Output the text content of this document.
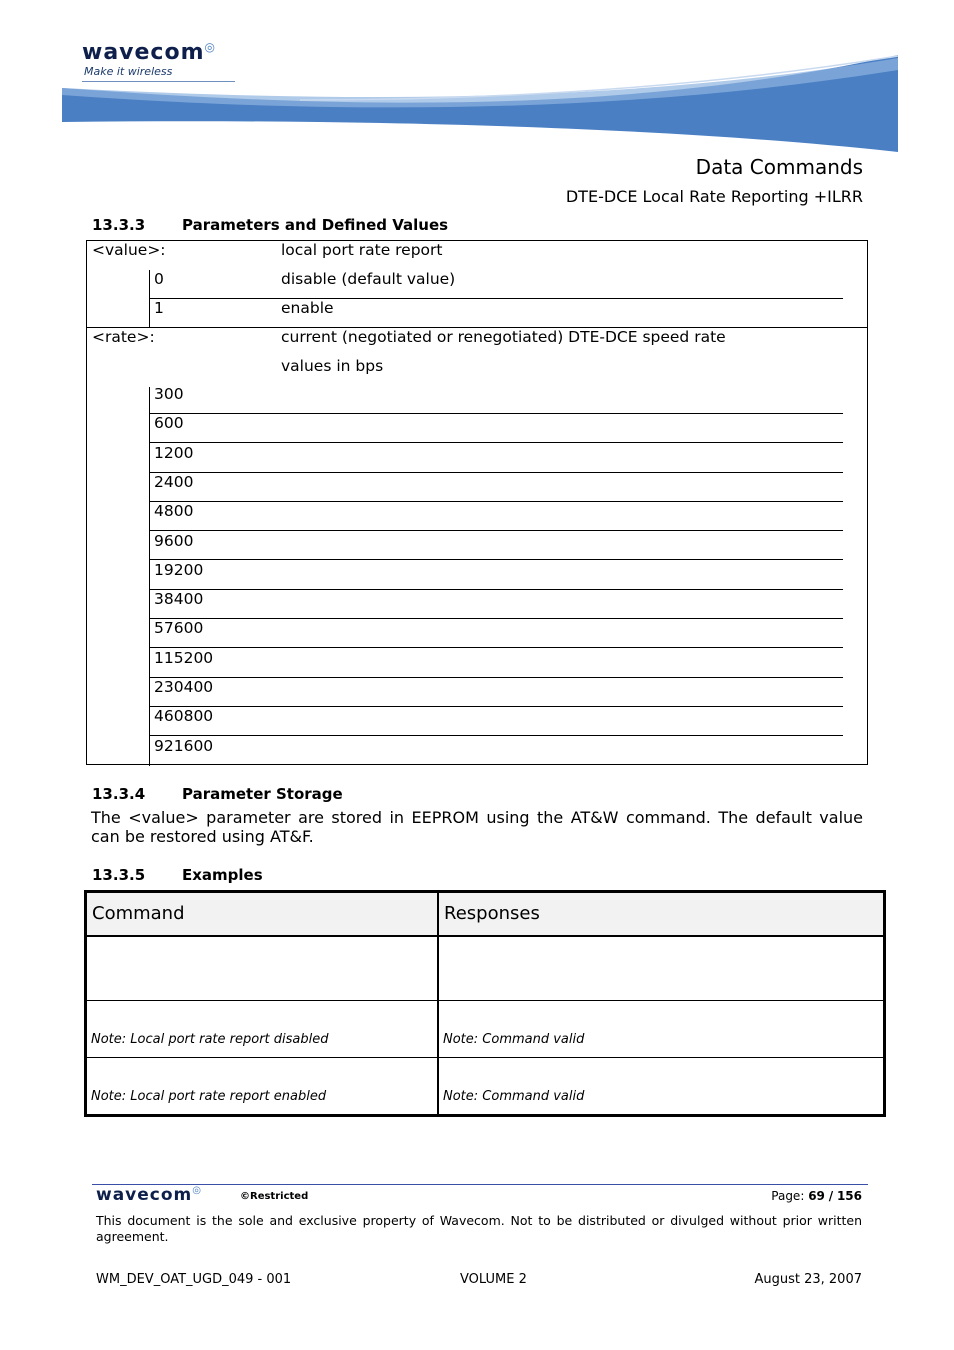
wavecom◎
Make it wireless
Data Commands
DTE-DCE Local Rate Reporting +ILRR
13.3.3 Parameters and Defined Values
<value>:	local port rate report
0	disable (default value)
1	enable
<rate>:	current (negotiated or renegotiated) DTE-DCE speed rate
values in bps
300
600
1200
2400
4800
9600
19200
38400
57600
115200
230400
460800
921600
13.3.4 Parameter Storage
The <value> parameter are stored in EEPROM using the AT&W command. The default value can be restored using AT&F.
13.3.5 Examples
Command	Responses
Note: Local port rate report disabled	Note: Command valid
Note: Local port rate report enabled	Note: Command valid
wavecom◎
©Restricted	Page: 69 / 156
This document is the sole and exclusive property of Wavecom. Not to be distributed or divulged without prior written agreement.
WM_DEV_OAT_UGD_049 - 001	VOLUME 2	August 23, 2007
